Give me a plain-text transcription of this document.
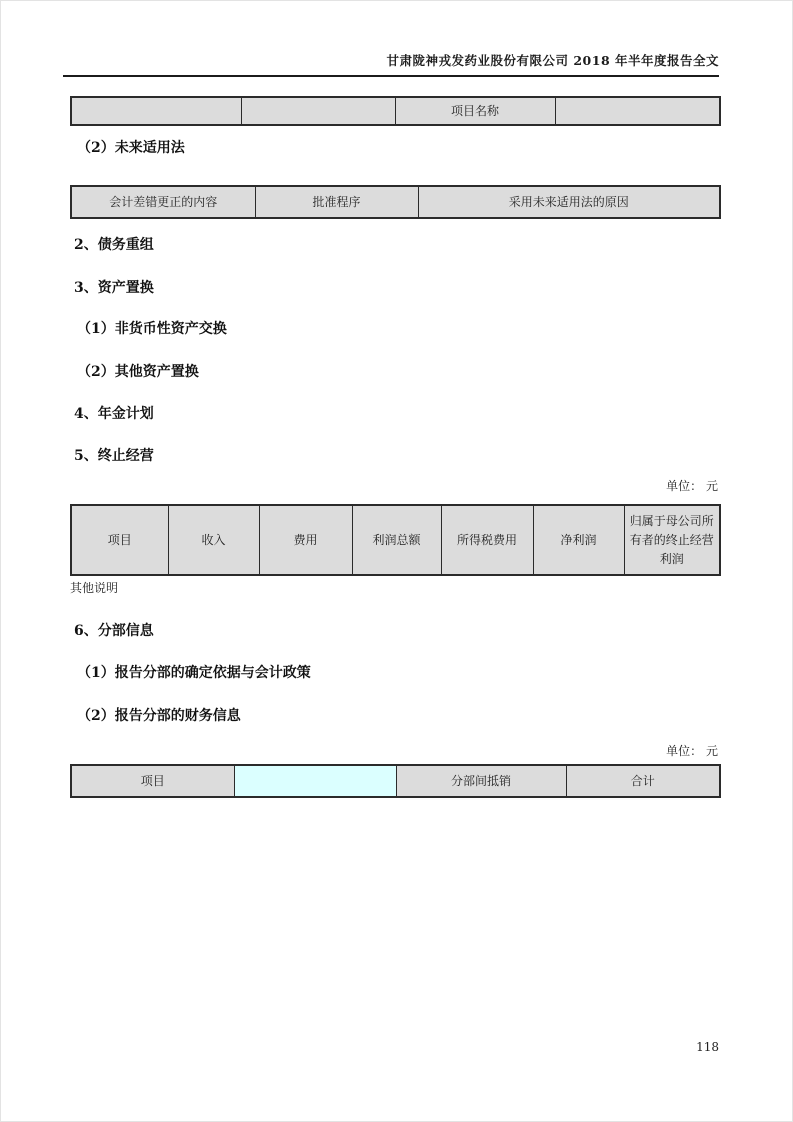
甘肃陇神戎发药业股份有限公司 2018 年半年度报告全文
		项目名称	

（2）未来适用法

会计差错更正的内容	批准程序	采用未来适用法的原因

2、债务重组

3、资产置换

（1）非货币性资产交换

（2）其他资产置换

4、年金计划

5、终止经营

单位： 元
项目	收入	费用	利润总额	所得税费用	净利润	归属于母公司所有者的终止经营利润
其他说明

6、分部信息

（1）报告分部的确定依据与会计政策

（2）报告分部的财务信息

单位： 元
项目		分部间抵销	合计
118
